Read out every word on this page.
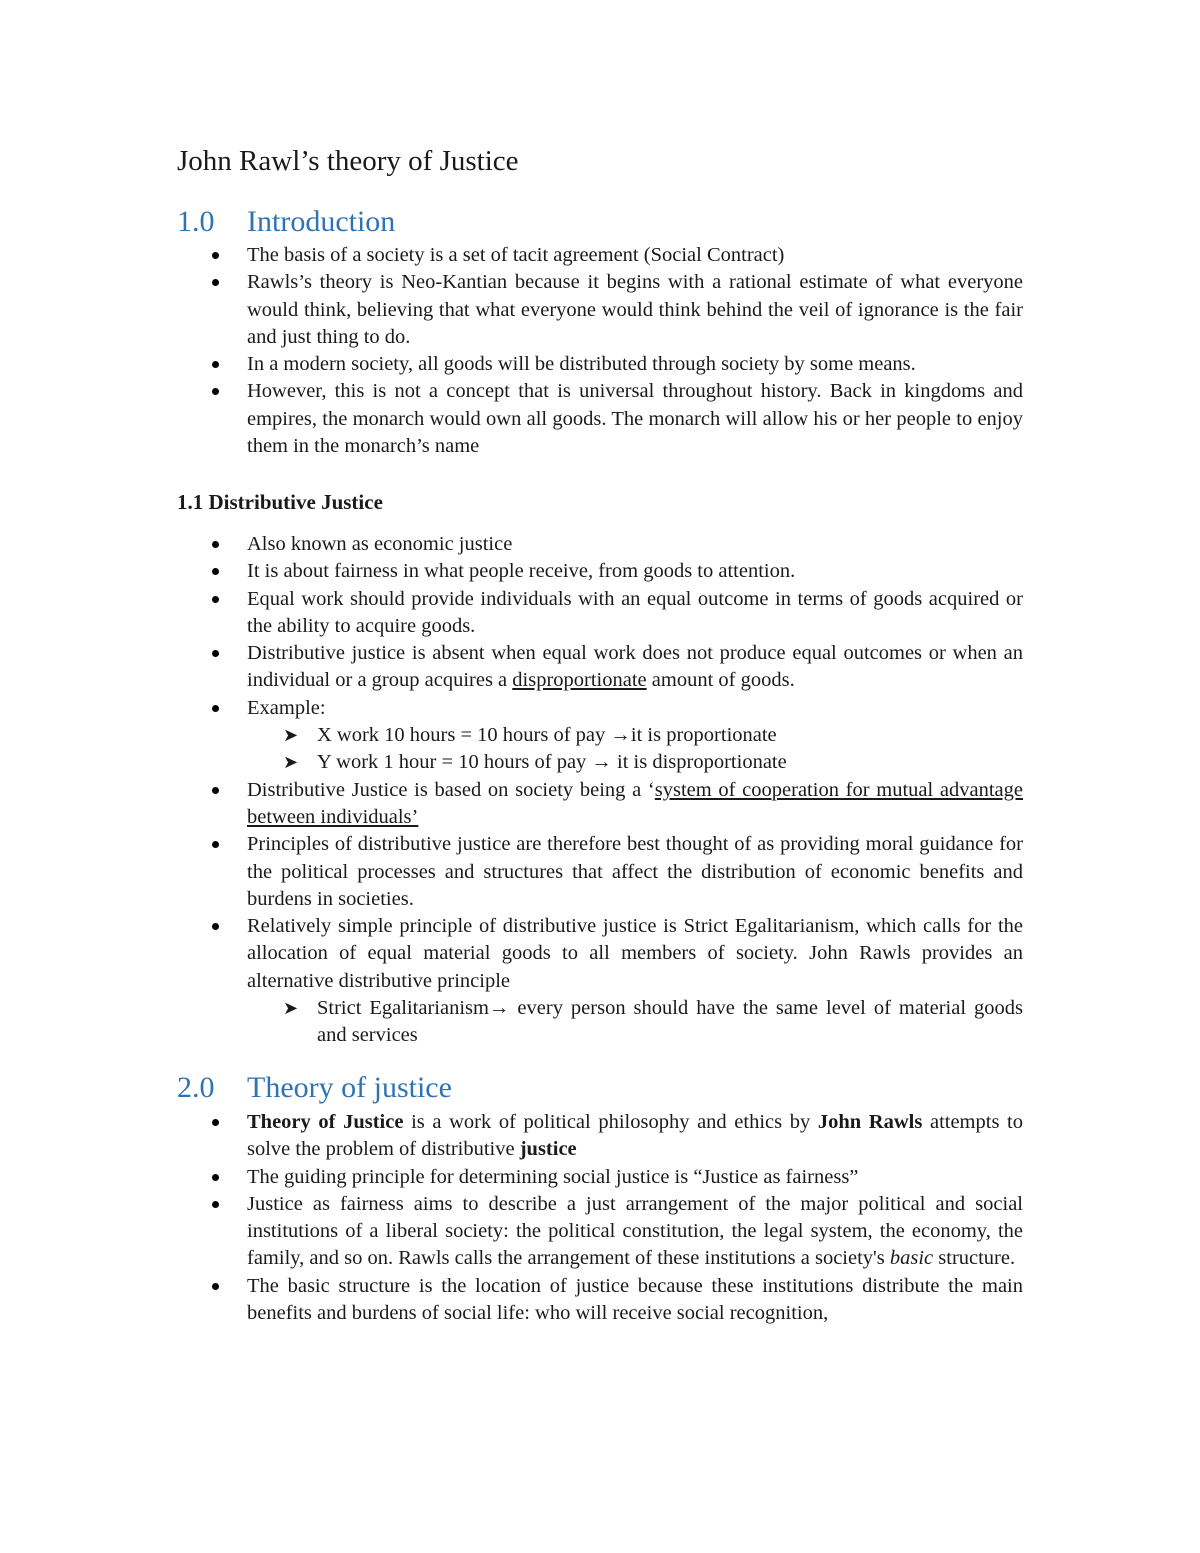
John Rawl’s theory of Justice
1.0 Introduction
The basis of a society is a set of tacit agreement (Social Contract)
Rawls’s theory is Neo-Kantian because it begins with a rational estimate of what everyone would think, believing that what everyone would think behind the veil of ignorance is the fair and just thing to do.
In a modern society, all goods will be distributed through society by some means.
However, this is not a concept that is universal throughout history. Back in kingdoms and empires, the monarch would own all goods. The monarch will allow his or her people to enjoy them in the monarch’s name
1.1 Distributive Justice
Also known as economic justice
It is about fairness in what people receive, from goods to attention.
Equal work should provide individuals with an equal outcome in terms of goods acquired or the ability to acquire goods.
Distributive justice is absent when equal work does not produce equal outcomes or when an individual or a group acquires a disproportionate amount of goods.
Example:
➤ X work 10 hours = 10 hours of pay →it is proportionate
➤ Y work 1 hour = 10 hours of pay → it is disproportionate
Distributive Justice is based on society being a ‘system of cooperation for mutual advantage between individuals’
Principles of distributive justice are therefore best thought of as providing moral guidance for the political processes and structures that affect the distribution of economic benefits and burdens in societies.
Relatively simple principle of distributive justice is Strict Egalitarianism, which calls for the allocation of equal material goods to all members of society. John Rawls provides an alternative distributive principle
➤ Strict Egalitarianism→ every person should have the same level of material goods and services
2.0 Theory of justice
Theory of Justice is a work of political philosophy and ethics by John Rawls attempts to solve the problem of distributive justice
The guiding principle for determining social justice is “Justice as fairness”
Justice as fairness aims to describe a just arrangement of the major political and social institutions of a liberal society: the political constitution, the legal system, the economy, the family, and so on. Rawls calls the arrangement of these institutions a society's basic structure.
The basic structure is the location of justice because these institutions distribute the main benefits and burdens of social life: who will receive social recognition,
